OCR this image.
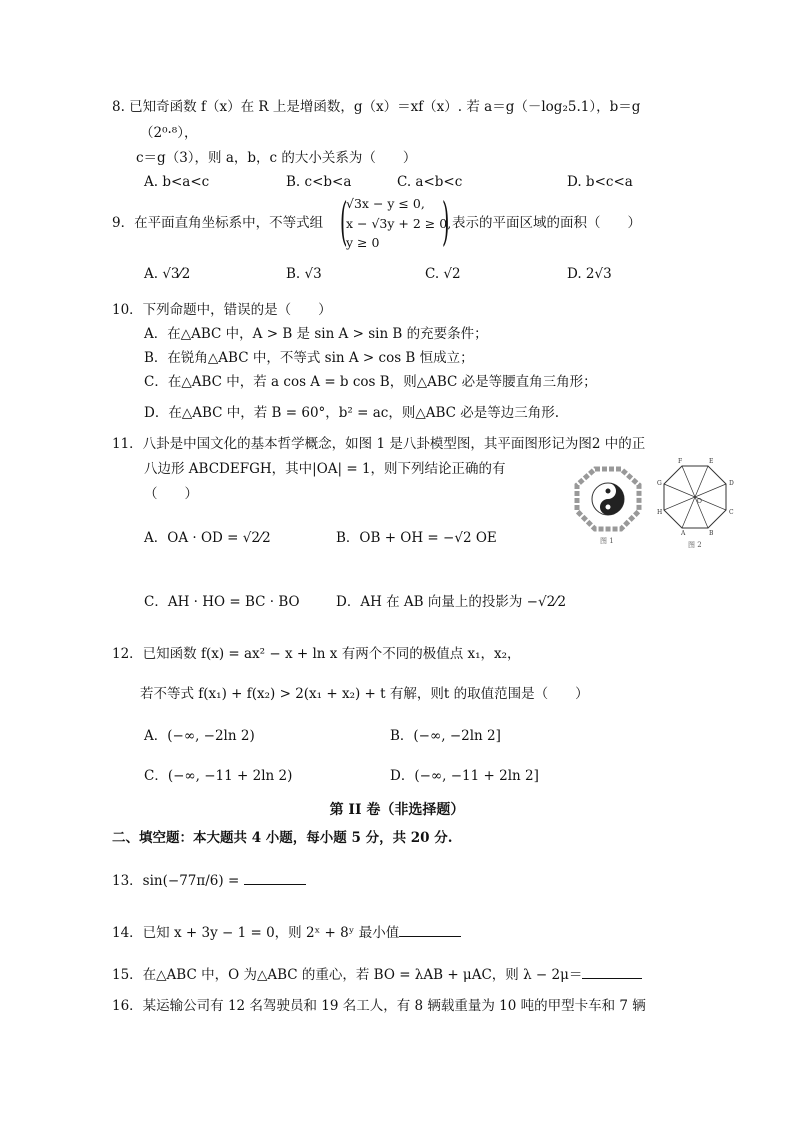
8. 已知奇函数 f（x）在 R 上是增函数，g（x）＝xf（x）. 若 a＝g（－log₂5.1），b＝g
（2⁰·⁸），
c＝g（3），则 a，b，c 的大小关系为（　　）
A. b<a<c	B. c<b<a	C. a<b<c	D. b<c<a
9．在平面直角坐标系中，不等式组 (
√3x − y ≤ 0,
x − √3y + 2 ≥ 0,
y ≥ 0	) 表示的平面区域的面积（　　）
A. √3⁄2	B. √3	C. √2	D. 2√3
10．下列命题中，错误的是（　　）
A．在△ABC 中，A > B 是 sin A > sin B 的充要条件；
B．在锐角△ABC 中，不等式 sin A > cos B 恒成立；
C．在△ABC 中，若 a cos A = b cos B，则△ABC 必是等腰直角三角形；
D．在△ABC 中，若 B = 60°，b² = ac，则△ABC 必是等边三角形.
11．八卦是中国文化的基本哲学概念，如图 1 是八卦模型图，其平面图形记为图2 中的正
八边形 ABCDEFGH，其中|OA| = 1，则下列结论正确的有
（　　）
A．OA · OD = √2⁄2	B．OB + OH = −√2 OE
C．AH · HO = BC · BO	D．AH 在 AB 向量上的投影为 −√2⁄2
图 1
A	B
C
D
E
F
G
H
O
图 2
12．已知函数 f(x) = ax² − x + ln x 有两个不同的极值点 x₁，x₂，
若不等式 f(x₁) + f(x₂) > 2(x₁ + x₂) + t 有解，则t 的取值范围是（　　）
A．(−∞, −2ln 2)	B．(−∞, −2ln 2]
C．(−∞, −11 + 2ln 2)	D．(−∞, −11 + 2ln 2]
第 II 卷（非选择题）
二、填空题：本大题共 4 小题，每小题 5 分，共 20 分.
13．sin(−77π/6) =
14．已知 x + 3y − 1 = 0，则 2ˣ + 8ʸ 最小值
15．在△ABC 中，O 为△ABC 的重心，若 BO = λAB + μAC，则 λ − 2μ＝
16．某运输公司有 12 名驾驶员和 19 名工人，有 8 辆载重量为 10 吨的甲型卡车和 7 辆
